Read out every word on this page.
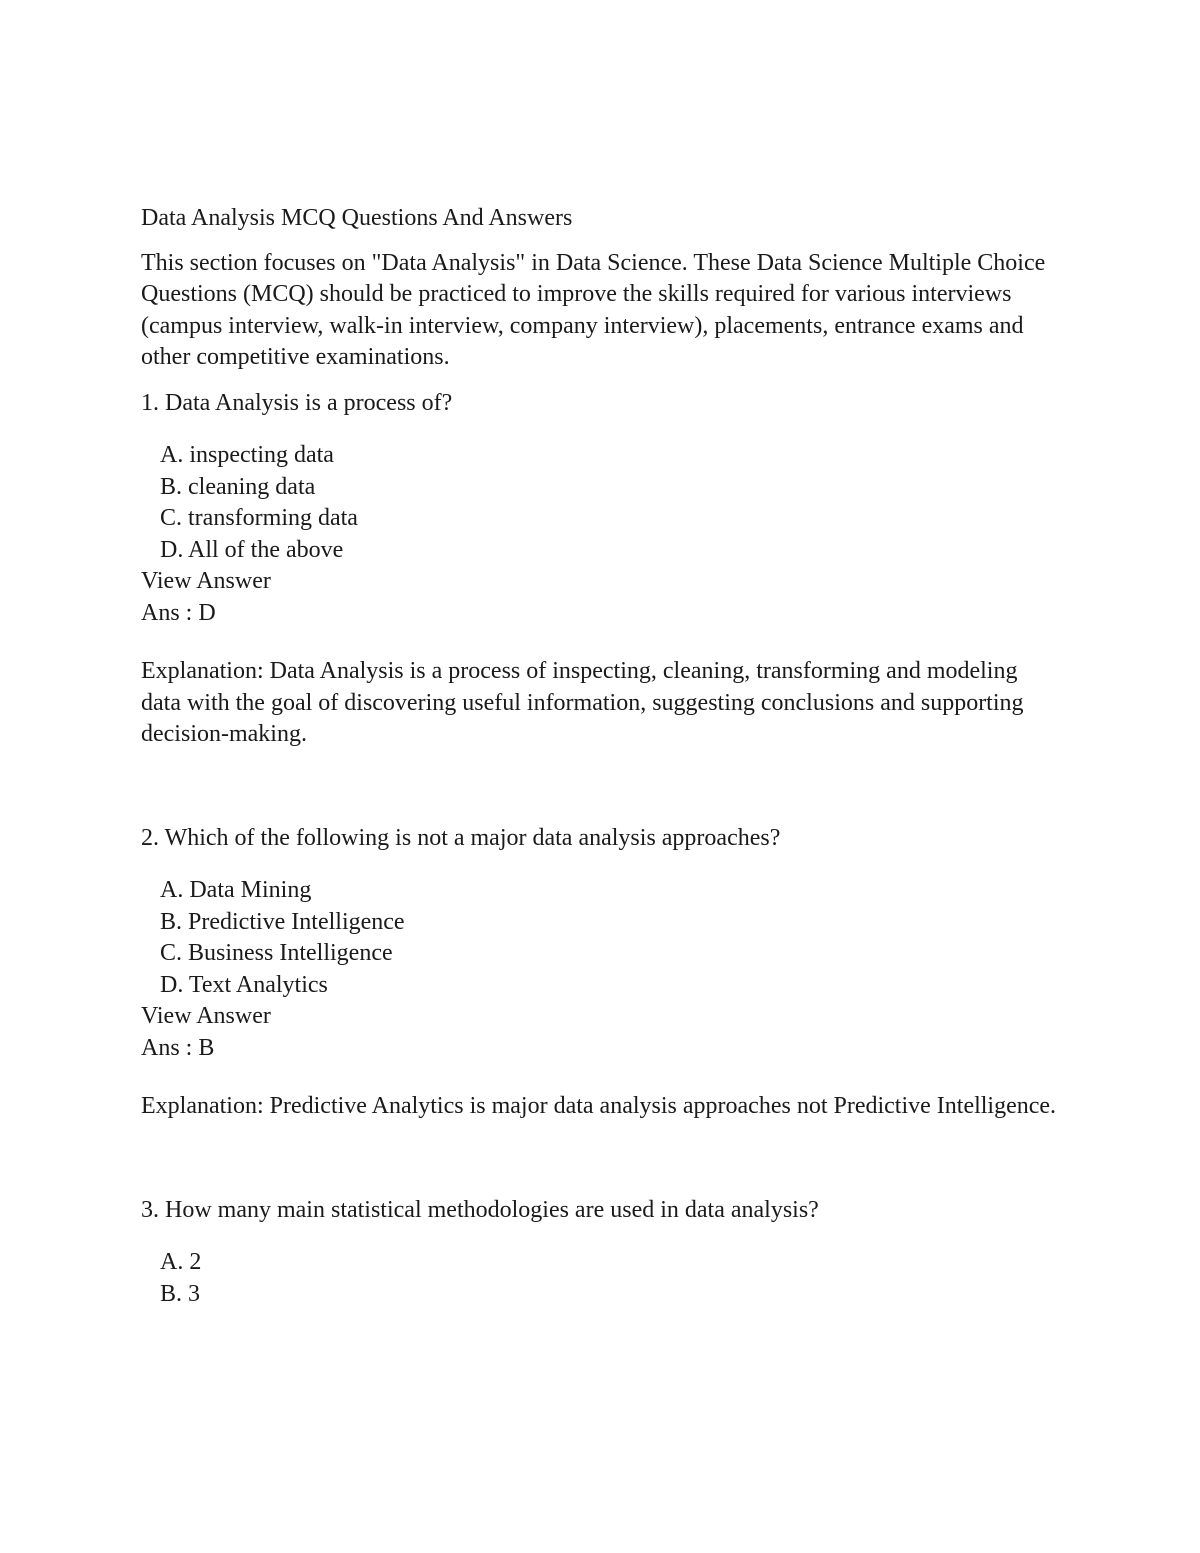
Data Analysis MCQ Questions And Answers
This section focuses on "Data Analysis" in Data Science. These Data Science Multiple Choice Questions (MCQ) should be practiced to improve the skills required for various interviews (campus interview, walk-in interview, company interview), placements, entrance exams and other competitive examinations.
1. Data Analysis is a process of?
A. inspecting data
B. cleaning data
C. transforming data
D. All of the above
View Answer
Ans : D
Explanation: Data Analysis is a process of inspecting, cleaning, transforming and modeling data with the goal of discovering useful information, suggesting conclusions and supporting decision-making.
2. Which of the following is not a major data analysis approaches?
A. Data Mining
B. Predictive Intelligence
C. Business Intelligence
D. Text Analytics
View Answer
Ans : B
Explanation: Predictive Analytics is major data analysis approaches not Predictive Intelligence.
3. How many main statistical methodologies are used in data analysis?
A. 2
B. 3
